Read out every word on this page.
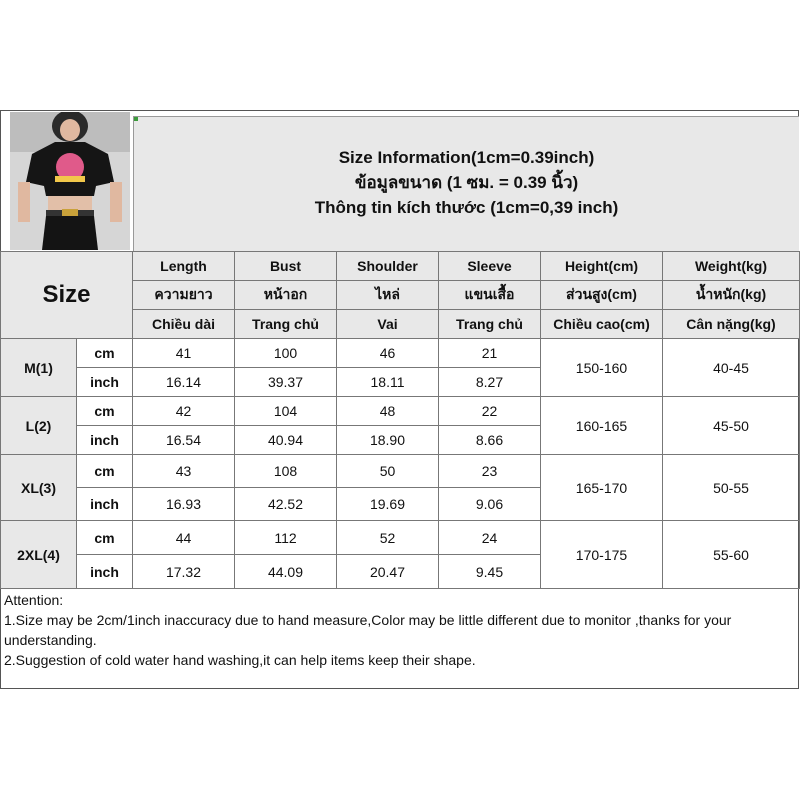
Size Information(1cm=0.39inch)
ข้อมูลขนาด (1 ซม. = 0.39 นิ้ว)
Thông tin kích thước (1cm=0,39 inch)
Size		Length	Bust	Shoulder	Sleeve	Height(cm)	Weight(kg)
		ความยาว	หน้าอก	ไหล่	แขนเสื้อ	ส่วนสูง(cm)	น้ำหนัก(kg)
		Chiều dài	Trang chủ	Vai	Trang chủ	Chiều cao(cm)	Cân nặng(kg)
M(1)	cm	41	100	46	21	150-160	40-45
	inch	16.14	39.37	18.11	8.27		
L(2)	cm	42	104	48	22	160-165	45-50
	inch	16.54	40.94	18.90	8.66		
XL(3)	cm	43	108	50	23	165-170	50-55
	inch	16.93	42.52	19.69	9.06		
2XL(4)	cm	44	112	52	24	170-175	55-60
	inch	17.32	44.09	20.47	9.45		
Attention:
1.Size may be 2cm/1inch inaccuracy due to hand measure,Color may be little different due to monitor ,thanks for your understanding.
2.Suggestion of cold water hand washing,it can help items keep their shape.
